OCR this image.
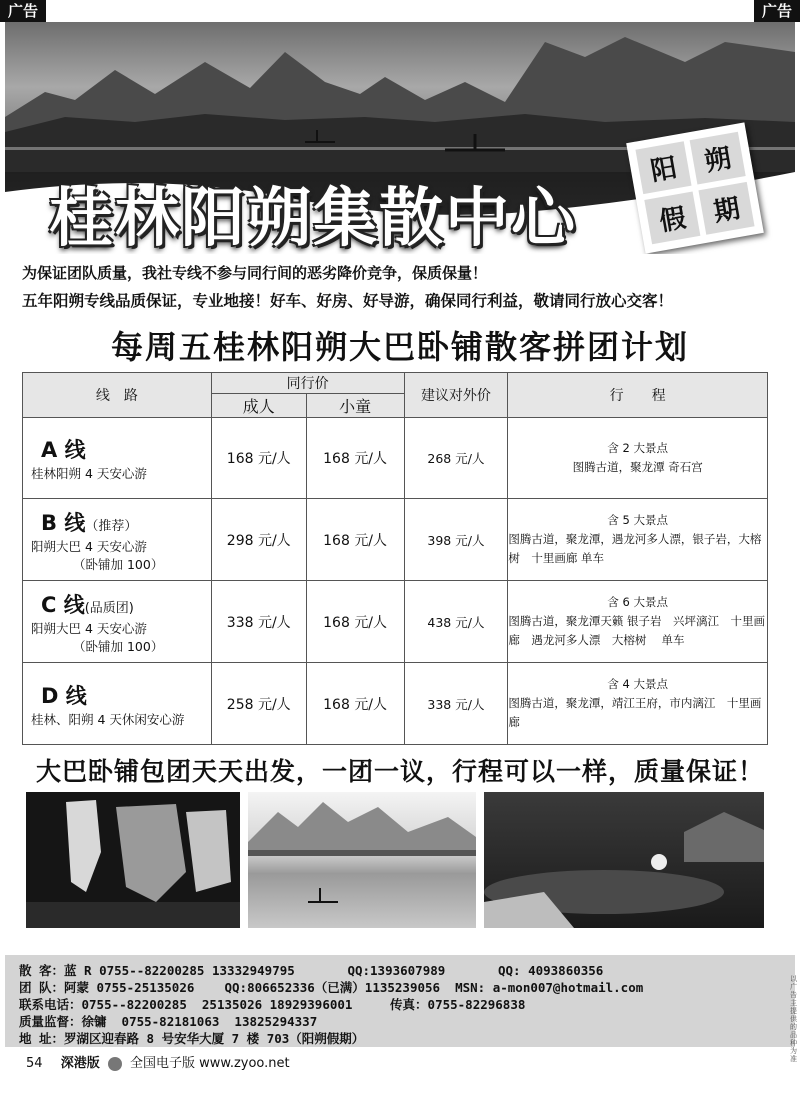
广告	广告
桂林阳朔集散中心
阳 朔
假 期
为保证团队质量，我社专线不参与同行间的恶劣降价竞争，保质保量！
五年阳朔专线品质保证，专业地接！好车、好房、好导游，确保同行利益，敬请同行放心交客！
每周五桂林阳朔大巴卧铺散客拼团计划
线　路	同行价		建议对外价	行　　程
	成人	小童		

A 线
桂林阳朔 4 天安心游	168 元/人	168 元/人	268 元/人	含 2 大景点
图腾古道，聚龙潭 奇石宫

B 线（推荐）
阳朔大巴 4 天安心游
（卧铺加 100）	298 元/人	168 元/人	398 元/人	含 5 大景点
图腾古道，聚龙潭，遇龙河多人漂，银子岩，大榕树　十里画廊 单车

C 线(品质团)
阳朔大巴 4 天安心游
（卧铺加 100）	338 元/人	168 元/人	438 元/人	含 6 大景点
图腾古道，聚龙潭天籁 银子岩　兴坪漓江　十里画廊　遇龙河多人漂　大榕树　 单车

D 线
桂林、阳朔 4 天休闲安心游	258 元/人	168 元/人	338 元/人	含 4 大景点
图腾古道，聚龙潭，靖江王府，市内漓江　十里画廊
大巴卧铺包团天天出发，一团一议，行程可以一样，质量保证！
散 客：蓝 R 0755--82200285 13332949795       QQ:1393607989       QQ: 4093860356
团 队：阿蒙 0755-25135026    QQ:806652336（已满）1135239056  MSN: a-mon007@hotmail.com
联系电话：0755--82200285  25135026 18929396001     传真：0755-82296838
质量监督：徐镛  0755-82181063  13825294337
地 址：罗湖区迎春路 8 号安华大厦 7 楼 703（阳朔假期）
以广告主提供的品种为准
54 深港版 全国电子版 www.zyoo.net
